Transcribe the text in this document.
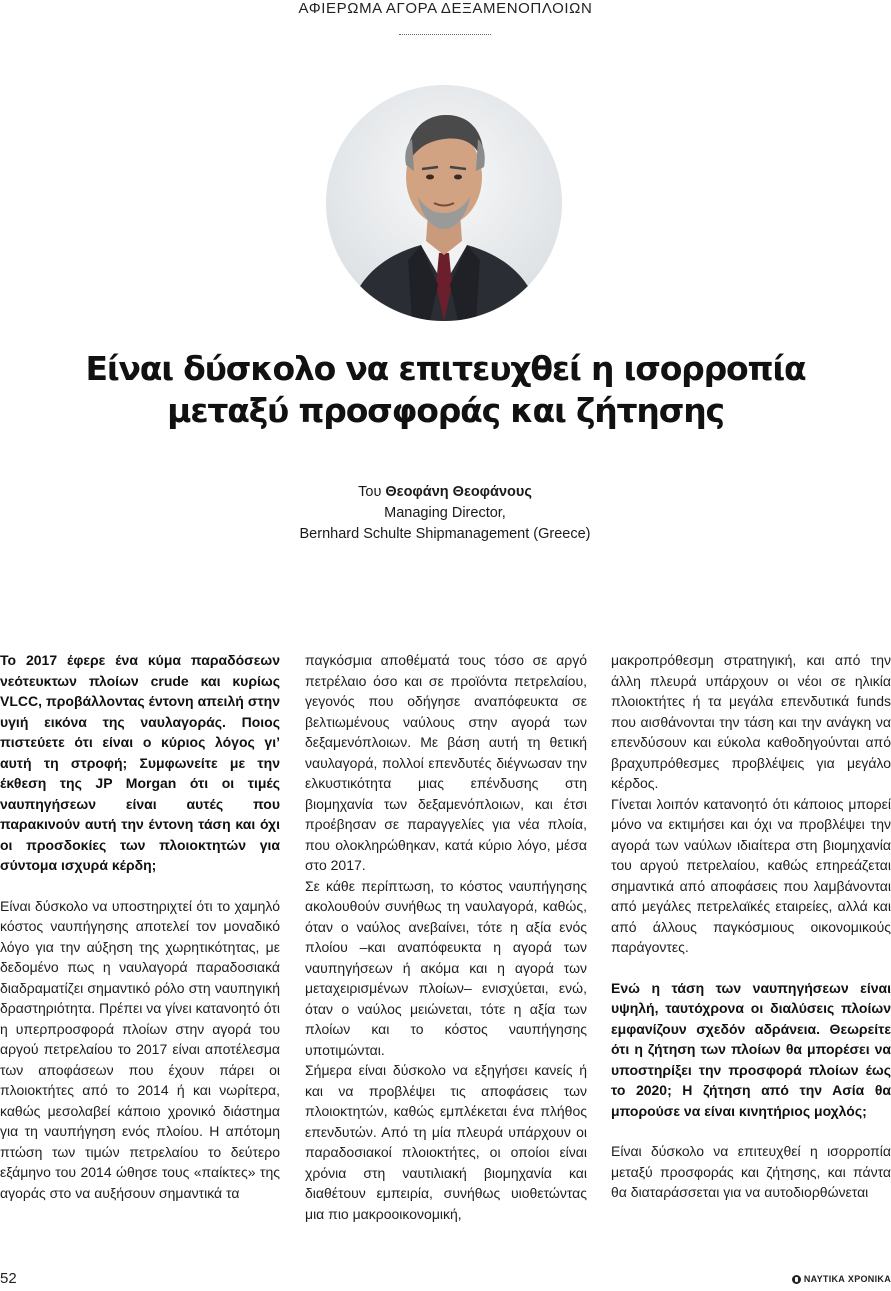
ΑΦΙΕΡΩΜΑ ΑΓΟΡΑ ΔΕΞΑΜΕΝΟΠΛΟΙΩΝ
Είναι δύσκολο να επιτευχθεί η ισορροπία
μεταξύ προσφοράς και ζήτησης
Του Θεοφάνη Θεοφάνους
Managing Director,
Bernhard Schulte Shipmanagement (Greece)

Το 2017 έφερε ένα κύμα παραδόσεων νεότευκτων πλοίων crude και κυρίως VLCC, προβάλλοντας έντονη απειλή στην υγιή εικόνα της ναυλαγοράς. Ποιος πιστεύετε ότι είναι ο κύριος λόγος γι’ αυτή τη στροφή; Συμφωνείτε με την έκθεση της JP Morgan ότι οι τιμές ναυπηγήσεων είναι αυτές που παρακινούν αυτή την έντονη τάση και όχι οι προσδοκίες των πλοιοκτητών για σύντομα ισχυρά κέρδη;

Είναι δύσκολο να υποστηριχτεί ότι το χαμηλό κόστος ναυπήγησης αποτελεί τον μοναδικό λόγο για την αύξηση της χωρητικότητας, με δεδομένο πως η ναυλαγορά παραδοσιακά διαδραματίζει σημαντικό ρόλο στη ναυπηγική δραστηριότητα. Πρέπει να γίνει κατανοητό ότι η υπερπροσφορά πλοίων στην αγορά του αργού πετρελαίου το 2017 είναι αποτέλεσμα των αποφάσεων που έχουν πάρει οι πλοιοκτήτες από το 2014 ή και νωρίτερα, καθώς μεσολαβεί κάποιο χρονικό διάστημα για τη ναυπήγηση ενός πλοίου. Η απότομη πτώση των τιμών πετρελαίου το δεύτερο εξάμηνο του 2014 ώθησε τους «παίκτες» της αγοράς στο να αυξήσουν σημαντικά τα

παγκόσμια αποθέματά τους τόσο σε αργό πετρέλαιο όσο και σε προϊόντα πετρελαίου, γεγονός που οδήγησε αναπόφευκτα σε βελτιωμένους ναύλους στην αγορά των δεξαμενόπλοιων. Με βάση αυτή τη θετική ναυλαγορά, πολλοί επενδυτές διέγνωσαν την ελκυστικότητα μιας επένδυσης στη βιομηχανία των δεξαμενόπλοιων, και έτσι προέβησαν σε παραγγελίες για νέα πλοία, που ολοκληρώθηκαν, κατά κύριο λόγο, μέσα στο 2017.

Σε κάθε περίπτωση, το κόστος ναυπήγησης ακολουθούν συνήθως τη ναυλαγορά, καθώς, όταν ο ναύλος ανεβαίνει, τότε η αξία ενός πλοίου –και αναπόφευκτα η αγορά των ναυπηγήσεων ή ακόμα και η αγορά των μεταχειρισμένων πλοίων– ενισχύεται, ενώ, όταν ο ναύλος μειώνεται, τότε η αξία των πλοίων και το κόστος ναυπήγησης υποτιμώνται.

Σήμερα είναι δύσκολο να εξηγήσει κανείς ή και να προβλέψει τις αποφάσεις των πλοιοκτητών, καθώς εμπλέκεται ένα πλήθος επενδυτών. Από τη μία πλευρά υπάρχουν οι παραδοσιακοί πλοιοκτήτες, οι οποίοι είναι χρόνια στη ναυτιλιακή βιομηχανία και διαθέτουν εμπειρία, συνήθως υιοθετώντας μια πιο μακροοικονομική,

μακροπρόθεσμη στρατηγική, και από την άλλη πλευρά υπάρχουν οι νέοι σε ηλικία πλοιοκτήτες ή τα μεγάλα επενδυτικά funds που αισθάνονται την τάση και την ανάγκη να επενδύσουν και εύκολα καθοδηγούνται από βραχυπρόθεσμες προβλέψεις για μεγάλο κέρδος.

Γίνεται λοιπόν κατανοητό ότι κάποιος μπορεί μόνο να εκτιμήσει και όχι να προβλέψει την αγορά των ναύλων ιδιαίτερα στη βιομηχανία του αργού πετρελαίου, καθώς επηρεάζεται σημαντικά από αποφάσεις που λαμβάνονται από μεγάλες πετρελαϊκές εταιρείες, αλλά και από άλλους παγκόσμιους οικονομικούς παράγοντες.

Ενώ η τάση των ναυπηγήσεων είναι υψηλή, ταυτόχρονα οι διαλύσεις πλοίων εμφανίζουν σχεδόν αδράνεια. Θεωρείτε ότι η ζήτηση των πλοίων θα μπορέσει να υποστηρίξει την προσφορά πλοίων έως το 2020; Η ζήτηση από την Ασία θα μπορούσε να είναι κινητήριος μοχλός;

Είναι δύσκολο να επιτευχθεί η ισορροπία μεταξύ προσφοράς και ζήτησης, και πάντα θα διαταράσσεται για να αυτοδιορθώνεται

52	ΝΑΥΤΙΚΑ ΧΡΟΝΙΚΑ
